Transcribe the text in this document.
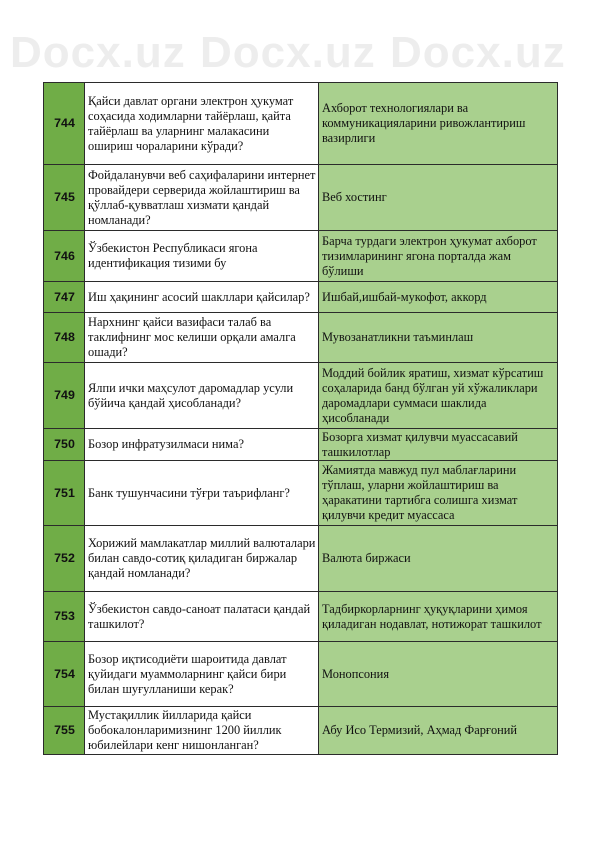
Docx.uz Docx.uz Docx.uz
744	Қайси давлат органи электрон ҳукумат соҳасида ходимларни тайёрлаш, қайта тайёрлаш ва уларнинг малакасини ошириш чораларини кўради?	Ахборот технологиялари ва коммуникацияларини ривожлантириш вазирлиги
745	Фойдаланувчи веб саҳифаларини интернет провайдери серверида жойлаштириш ва қўллаб-қувватлаш хизмати қандай номланади?	Веб хостинг
746	Ўзбекистон Республикаси ягона идентификация тизими бу	Барча турдаги электрон ҳукумат ахборот тизимларининг ягона порталда жам бўлиши
747	Иш ҳақининг асосий шакллари қайсилар?	Ишбай,ишбай-мукофот, аккорд
748	Нархнинг қайси вазифаси талаб ва таклифнинг мос келиши орқали амалга ошади?	Мувозанатликни таъминлаш
749	Ялпи ички маҳсулот даромадлар усули бўйича қандай ҳисобланади?	Моддий бойлик яратиш, хизмат кўрсатиш соҳаларида банд бўлган уй хўжаликлари даромадлари суммаси шаклида ҳисобланади
750	Бозор инфратузилмаси нима?	Бозорга хизмат қилувчи муассасавий ташкилотлар
751	Банк тушунчасини тўғри таърифланг?	Жамиятда мавжуд пул маблағларини тўплаш, уларни жойлаштириш ва ҳаракатини тартибга солишга хизмат қилувчи кредит муассаса
752	Хорижий мамлакатлар миллий валюталари билан савдо-сотиқ қиладиган биржалар қандай номланади?	Валюта биржаси
753	Ўзбекистон савдо-саноат палатаси қандай ташкилот?	Тадбиркорларнинг ҳуқуқларини ҳимоя қиладиган нодавлат, нотижорат ташкилот
754	Бозор иқтисодиёти шароитида давлат қуйидаги муаммоларнинг қайси бири билан шуғулланиши керак?	Монопсония
755	Мустақиллик йилларида қайси бобокалонларимизнинг 1200 йиллик юбилейлари кенг нишонланган?	Абу Исо Термизий, Аҳмад Фарғоний
